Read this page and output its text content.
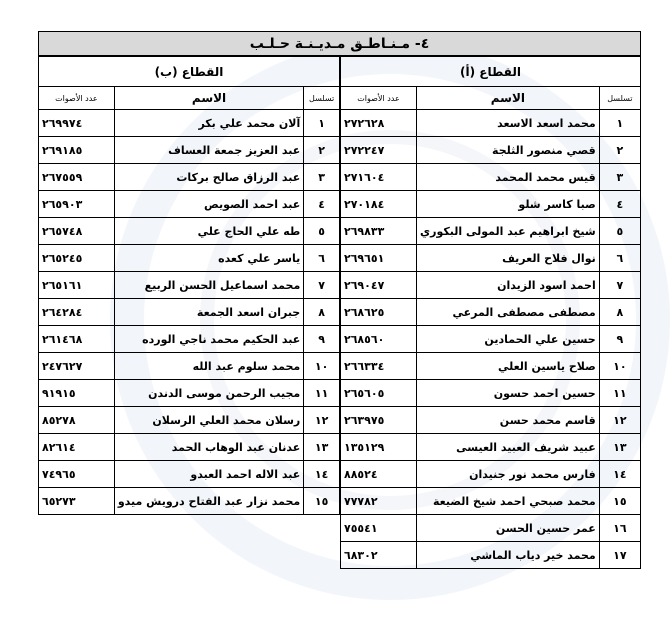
٤- مـنـاطـق مـديـنـة حـلـب
القطاع (أ)		
تسلسل	الاسم	عدد الأصوات
١	محمد اسعد الاسعد	٢٧٢٦٢٨
٢	قصي منصور الثلجة	٢٧٢٢٤٧
٣	قيس محمد المحمد	٢٧١٦٠٤
٤	صبا كاسر شلو	٢٧٠١٨٤
٥	شيخ ابراهيم عبد المولى البكوري	٢٦٩٨٣٣
٦	نوال فلاح العريف	٢٦٩٦٥١
٧	احمد اسود الزيدان	٢٦٩٠٤٧
٨	مصطفى مصطفى المرعي	٢٦٨٦٢٥
٩	حسين علي الحمادين	٢٦٨٥٦٠
١٠	صلاح ياسين العلي	٢٦٦٣٣٤
١١	حسين احمد حسون	٢٦٥٦٠٥
١٢	قاسم محمد حسن	٢٦٣٩٧٥
١٣	عبيد شريف العبيد العيسى	١٣٥١٢٩
١٤	فارس محمد نور جنيدان	٨٨٥٢٤
١٥	محمد صبحي احمد شيخ الضيعة	٧٧٧٨٢
١٦	عمر حسين الحسن	٧٥٥٤١
١٧	محمد خير دياب الماشي	٦٨٣٠٢
القطاع (ب)		
تسلسل	الاسم	عدد الأصوات
١	آلان محمد علي بكر	٢٦٩٩٧٤
٢	عبد العزيز جمعة العساف	٢٦٩١٨٥
٣	عبد الرزاق صالح بركات	٢٦٧٥٥٩
٤	عبد احمد الصويص	٢٦٥٩٠٣
٥	طه علي الحاج علي	٢٦٥٧٤٨
٦	ياسر علي كعده	٢٦٥٢٤٥
٧	محمد اسماعيل الحسن الربيع	٢٦٥١٦١
٨	جبران اسعد الجمعة	٢٦٤٢٨٤
٩	عبد الحكيم محمد ناجي الورده	٢٦١٤٦٨
١٠	محمد سلوم عبد الله	٢٤٧٦٢٧
١١	مجيب الرحمن موسى الدندن	٩١٩١٥
١٢	رسلان محمد العلي الرسلان	٨٥٢٧٨
١٣	عدنان عبد الوهاب الحمد	٨٢٦١٤
١٤	عبد الاله احمد العبدو	٧٤٩٦٥
١٥	محمد نزار عبد الفتاح درويش ميدو	٦٥٢٧٣
